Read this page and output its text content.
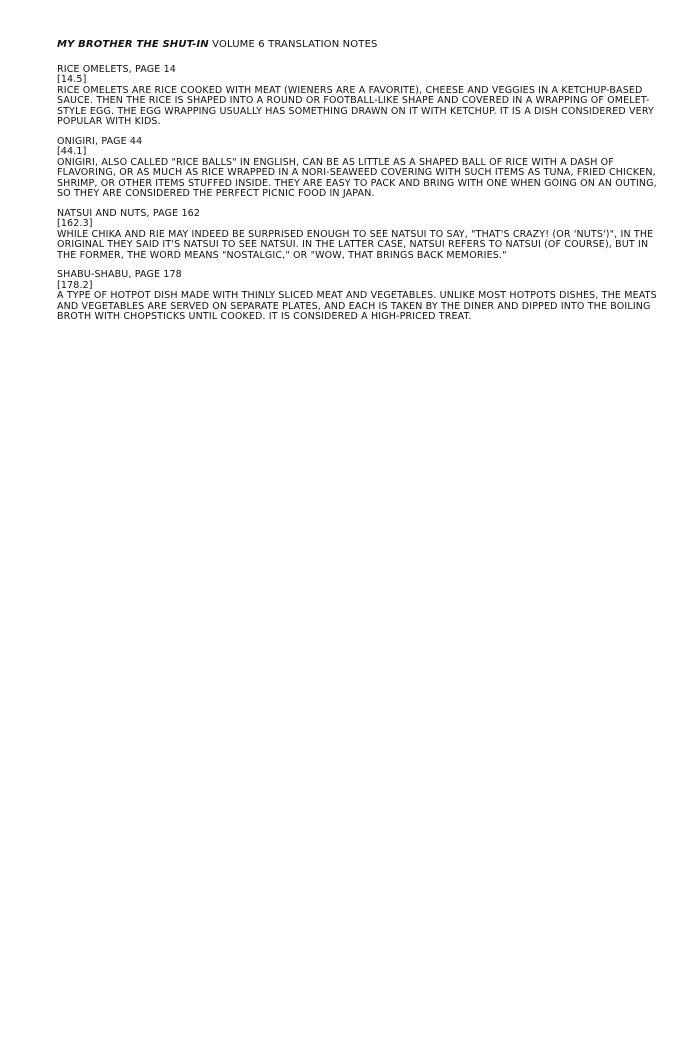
MY BROTHER THE SHUT-IN VOLUME 6 TRANSLATION NOTES
RICE OMELETS, PAGE 14
[14.5]
RICE OMELETS ARE RICE COOKED WITH MEAT (WIENERS ARE A FAVORITE), CHEESE AND VEGGIES IN A KETCHUP-BASED SAUCE. THEN THE RICE IS SHAPED INTO A ROUND OR FOOTBALL-LIKE SHAPE AND COVERED IN A WRAPPING OF OMELET-STYLE EGG. THE EGG WRAPPING USUALLY HAS SOMETHING DRAWN ON IT WITH KETCHUP. IT IS A DISH CONSIDERED VERY POPULAR WITH KIDS.
ONIGIRI, PAGE 44
[44.1]
ONIGIRI, ALSO CALLED "RICE BALLS" IN ENGLISH, CAN BE AS LITTLE AS A SHAPED BALL OF RICE WITH A DASH OF FLAVORING, OR AS MUCH AS RICE WRAPPED IN A NORI-SEAWEED COVERING WITH SUCH ITEMS AS TUNA, FRIED CHICKEN, SHRIMP, OR OTHER ITEMS STUFFED INSIDE. THEY ARE EASY TO PACK AND BRING WITH ONE WHEN GOING ON AN OUTING, SO THEY ARE CONSIDERED THE PERFECT PICNIC FOOD IN JAPAN.
NATSUI AND NUTS, PAGE 162
[162.3]
WHILE CHIKA AND RIE MAY INDEED BE SURPRISED ENOUGH TO SEE NATSUI TO SAY, "THAT'S CRAZY! (OR 'NUTS')", IN THE ORIGINAL THEY SAID IT'S NATSUI TO SEE NATSUI. IN THE LATTER CASE, NATSUI REFERS TO NATSUI (OF COURSE), BUT IN THE FORMER, THE WORD MEANS "NOSTALGIC," OR "WOW, THAT BRINGS BACK MEMORIES."
SHABU-SHABU, PAGE 178
[178.2]
A TYPE OF HOTPOT DISH MADE WITH THINLY SLICED MEAT AND VEGETABLES. UNLIKE MOST HOTPOTS DISHES, THE MEATS AND VEGETABLES ARE SERVED ON SEPARATE PLATES, AND EACH IS TAKEN BY THE DINER AND DIPPED INTO THE BOILING BROTH WITH CHOPSTICKS UNTIL COOKED. IT IS CONSIDERED A HIGH-PRICED TREAT.
